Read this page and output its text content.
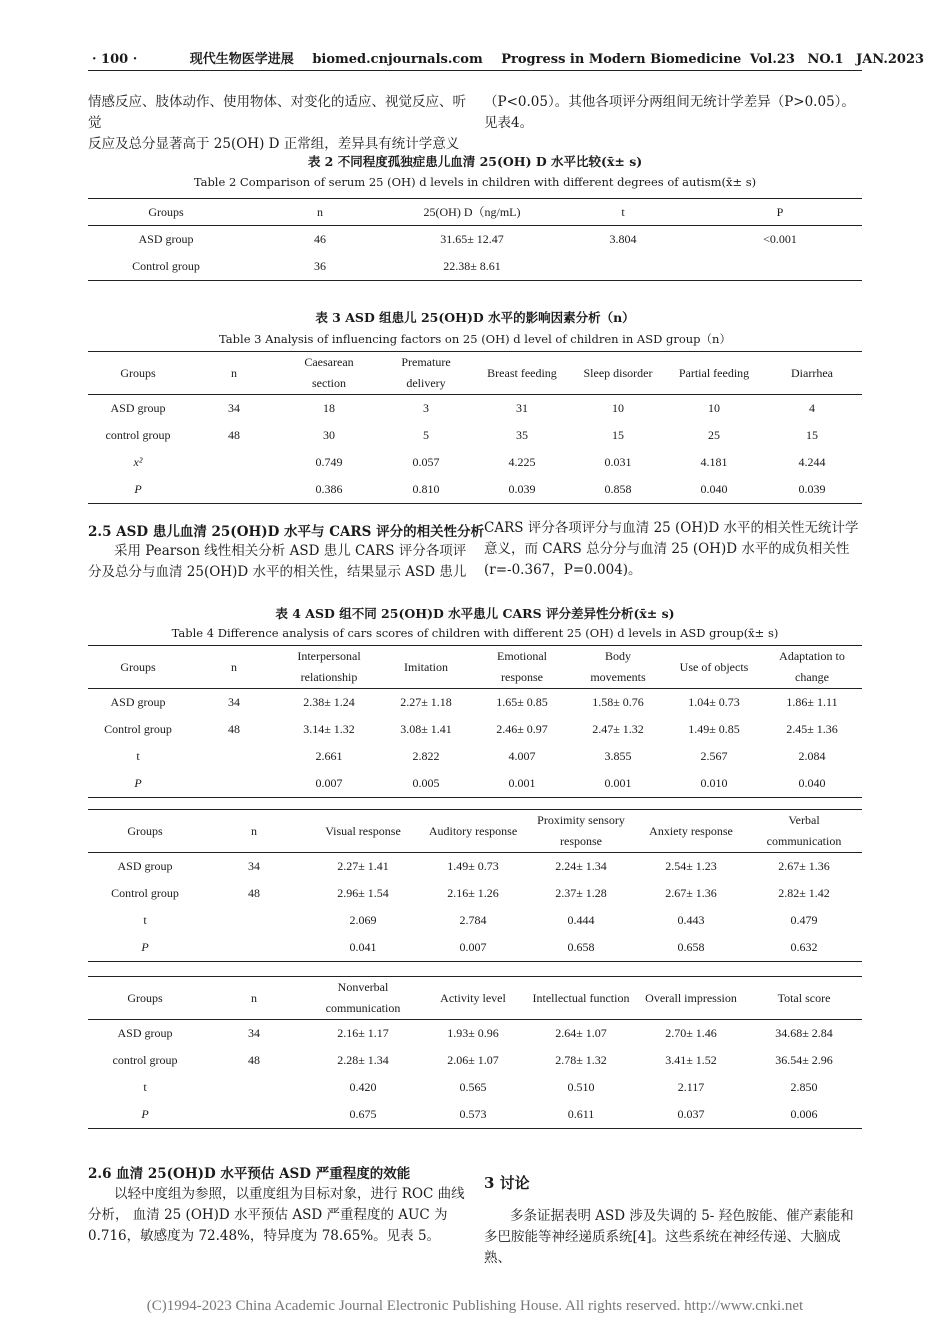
· 100 ·	现代生物医学进展 biomed.cnjournals.com Progress in Modern Biomedicine Vol.23 NO.1 JAN.2023
情感反应、肢体动作、使用物体、对变化的适应、视觉反应、听觉
反应及总分显著高于 25(OH) D 正常组，差异具有统计学意义
（P<0.05）。其他各项评分两组间无统计学差异（P>0.05）。见表4。
表 2 不同程度孤独症患儿血清 25(OH) D 水平比较(x̄± s)
Table 2 Comparison of serum 25 (OH) d levels in children with different degrees of autism(x̄± s)
Groups	n	25(OH) D（ng/mL)	t	P
ASD group	46	31.65± 12.47	3.804	<0.001
Control group	36	22.38± 8.61		
表 3 ASD 组患儿 25(OH)D 水平的影响因素分析（n）
Table 3 Analysis of influencing factors on 25 (OH) d level of children in ASD group（n）
Groups	n	Caesarean section	Premature delivery	Breast feeding	Sleep disorder	Partial feeding	Diarrhea
ASD group	34	18	3	31	10	10	4
control group	48	30	5	35	15	25	15
x²		0.749	0.057	4.225	0.031	4.181	4.244
P		0.386	0.810	0.039	0.858	0.040	0.039
2.5 ASD 患儿血清 25(OH)D 水平与 CARS 评分的相关性分析
采用 Pearson 线性相关分析 ASD 患儿 CARS 评分各项评
分及总分与血清 25(OH)D 水平的相关性，结果显示 ASD 患儿
CARS 评分各项评分与血清 25 (OH)D 水平的相关性无统计学
意义，而 CARS 总分分与血清 25 (OH)D 水平的成负相关性
(r=-0.367，P=0.004)。
表 4 ASD 组不同 25(OH)D 水平患儿 CARS 评分差异性分析(x̄± s)
Table 4 Difference analysis of cars scores of children with different 25 (OH) d levels in ASD group(x̄± s)
Groups	n	Interpersonal relationship	Imitation	Emotional response	Body movements	Use of objects	Adaptation to change
ASD group	34	2.38± 1.24	2.27± 1.18	1.65± 0.85	1.58± 0.76	1.04± 0.73	1.86± 1.11
Control group	48	3.14± 1.32	3.08± 1.41	2.46± 0.97	2.47± 1.32	1.49± 0.85	2.45± 1.36
t		2.661	2.822	4.007	3.855	2.567	2.084
P		0.007	0.005	0.001	0.001	0.010	0.040
Groups	n	Visual response	Auditory response	Proximity sensory response	Anxiety response	Verbal communication
ASD group	34	2.27± 1.41	1.49± 0.73	2.24± 1.34	2.54± 1.23	2.67± 1.36
Control group	48	2.96± 1.54	2.16± 1.26	2.37± 1.28	2.67± 1.36	2.82± 1.42
t		2.069	2.784	0.444	0.443	0.479
P		0.041	0.007	0.658	0.658	0.632
Groups	n	Nonverbal communication	Activity level	Intellectual function	Overall impression	Total score
ASD group	34	2.16± 1.17	1.93± 0.96	2.64± 1.07	2.70± 1.46	34.68± 2.84
control group	48	2.28± 1.34	2.06± 1.07	2.78± 1.32	3.41± 1.52	36.54± 2.96
t		0.420	0.565	0.510	2.117	2.850
P		0.675	0.573	0.611	0.037	0.006
2.6 血清 25(OH)D 水平预估 ASD 严重程度的效能
以轻中度组为参照，以重度组为目标对象，进行 ROC 曲线
分析， 血清 25 (OH)D 水平预估 ASD 严重程度的 AUC 为
0.716，敏感度为 72.48%，特异度为 78.65%。见表 5。
3 讨论
多条证据表明 ASD 涉及失调的 5- 羟色胺能、催产素能和
多巴胺能等神经递质系统[4]。这些系统在神经传递、大脑成熟、
(C)1994-2023 China Academic Journal Electronic Publishing House. All rights reserved. http://www.cnki.net
